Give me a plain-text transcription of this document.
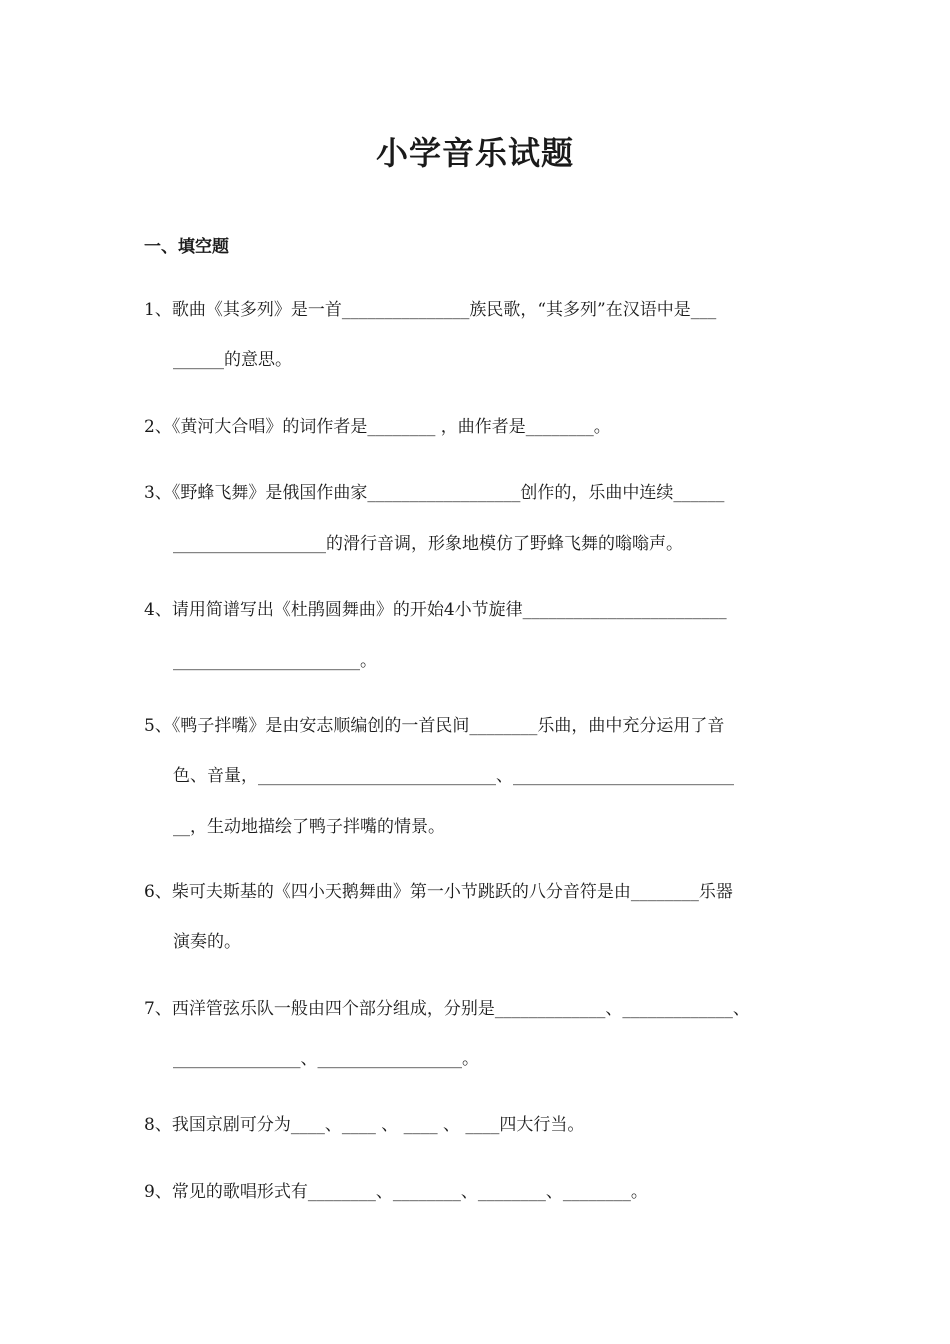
小学音乐试题
一、填空题
1、歌曲《其多列》是一首_______________族民歌，“其多列”在汉语中是___
______的意思。
2、《黄河大合唱》的词作者是________ ，曲作者是________。
3、《野蜂飞舞》是俄国作曲家__________________创作的，乐曲中连续______
__________________的滑行音调，形象地模仿了野蜂飞舞的嗡嗡声。
4、请用简谱写出《杜鹃圆舞曲》的开始4小节旋律________________________
______________________。
5、《鸭子拌嘴》是由安志顺编创的一首民间________乐曲，曲中充分运用了音
色、音量，____________________________、__________________________
__，生动地描绘了鸭子拌嘴的情景。
6、柴可夫斯基的《四小天鹅舞曲》第一小节跳跃的八分音符是由________乐器
演奏的。
7、西洋管弦乐队一般由四个部分组成，分别是_____________、_____________、
_______________、_________________。
8、我国京剧可分为____、____ 、 ____ 、 ____四大行当。
9、常见的歌唱形式有________、________、________、________。
